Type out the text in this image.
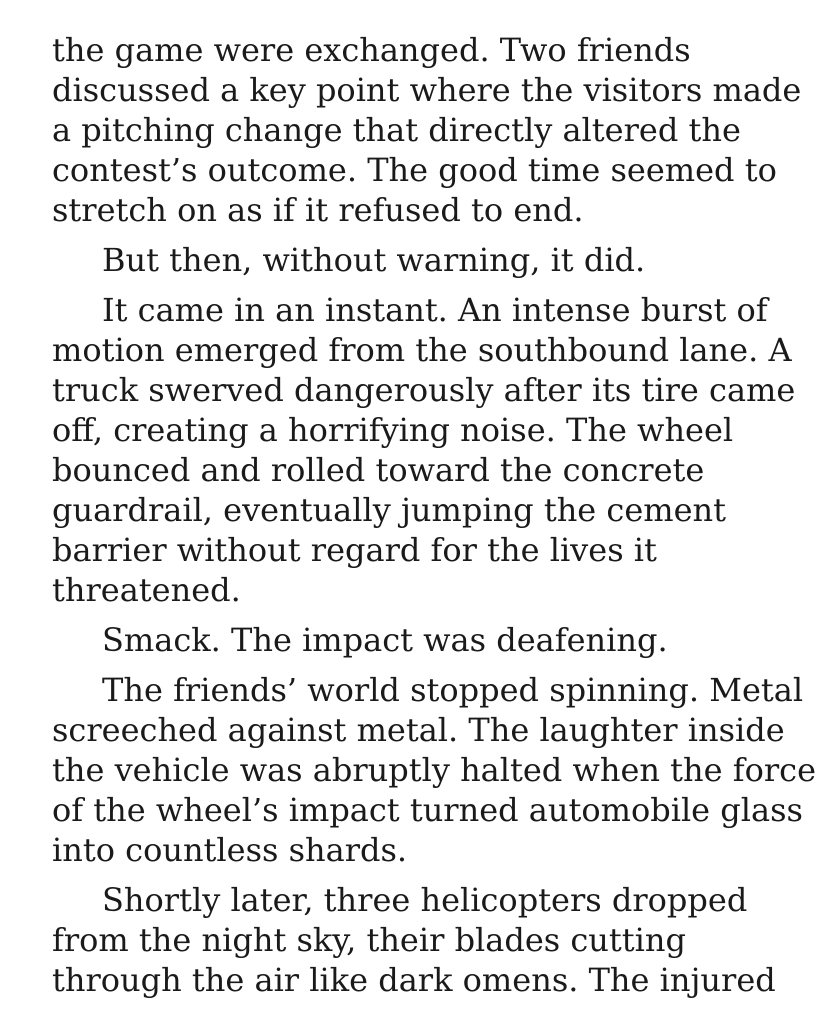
the game were exchanged. Two friends
discussed a key point where the visitors made
a pitching change that directly altered the
contest’s outcome. The good time seemed to
stretch on as if it refused to end.

But then, without warning, it did.

It came in an instant. An intense burst of
motion emerged from the southbound lane. A
truck swerved dangerously after its tire came
off, creating a horrifying noise. The wheel
bounced and rolled toward the concrete
guardrail, eventually jumping the cement
barrier without regard for the lives it
threatened.

Smack. The impact was deafening.

The friends’ world stopped spinning. Metal
screeched against metal. The laughter inside
the vehicle was abruptly halted when the force
of the wheel’s impact turned automobile glass
into countless shards.

Shortly later, three helicopters dropped
from the night sky, their blades cutting
through the air like dark omens. The injured
